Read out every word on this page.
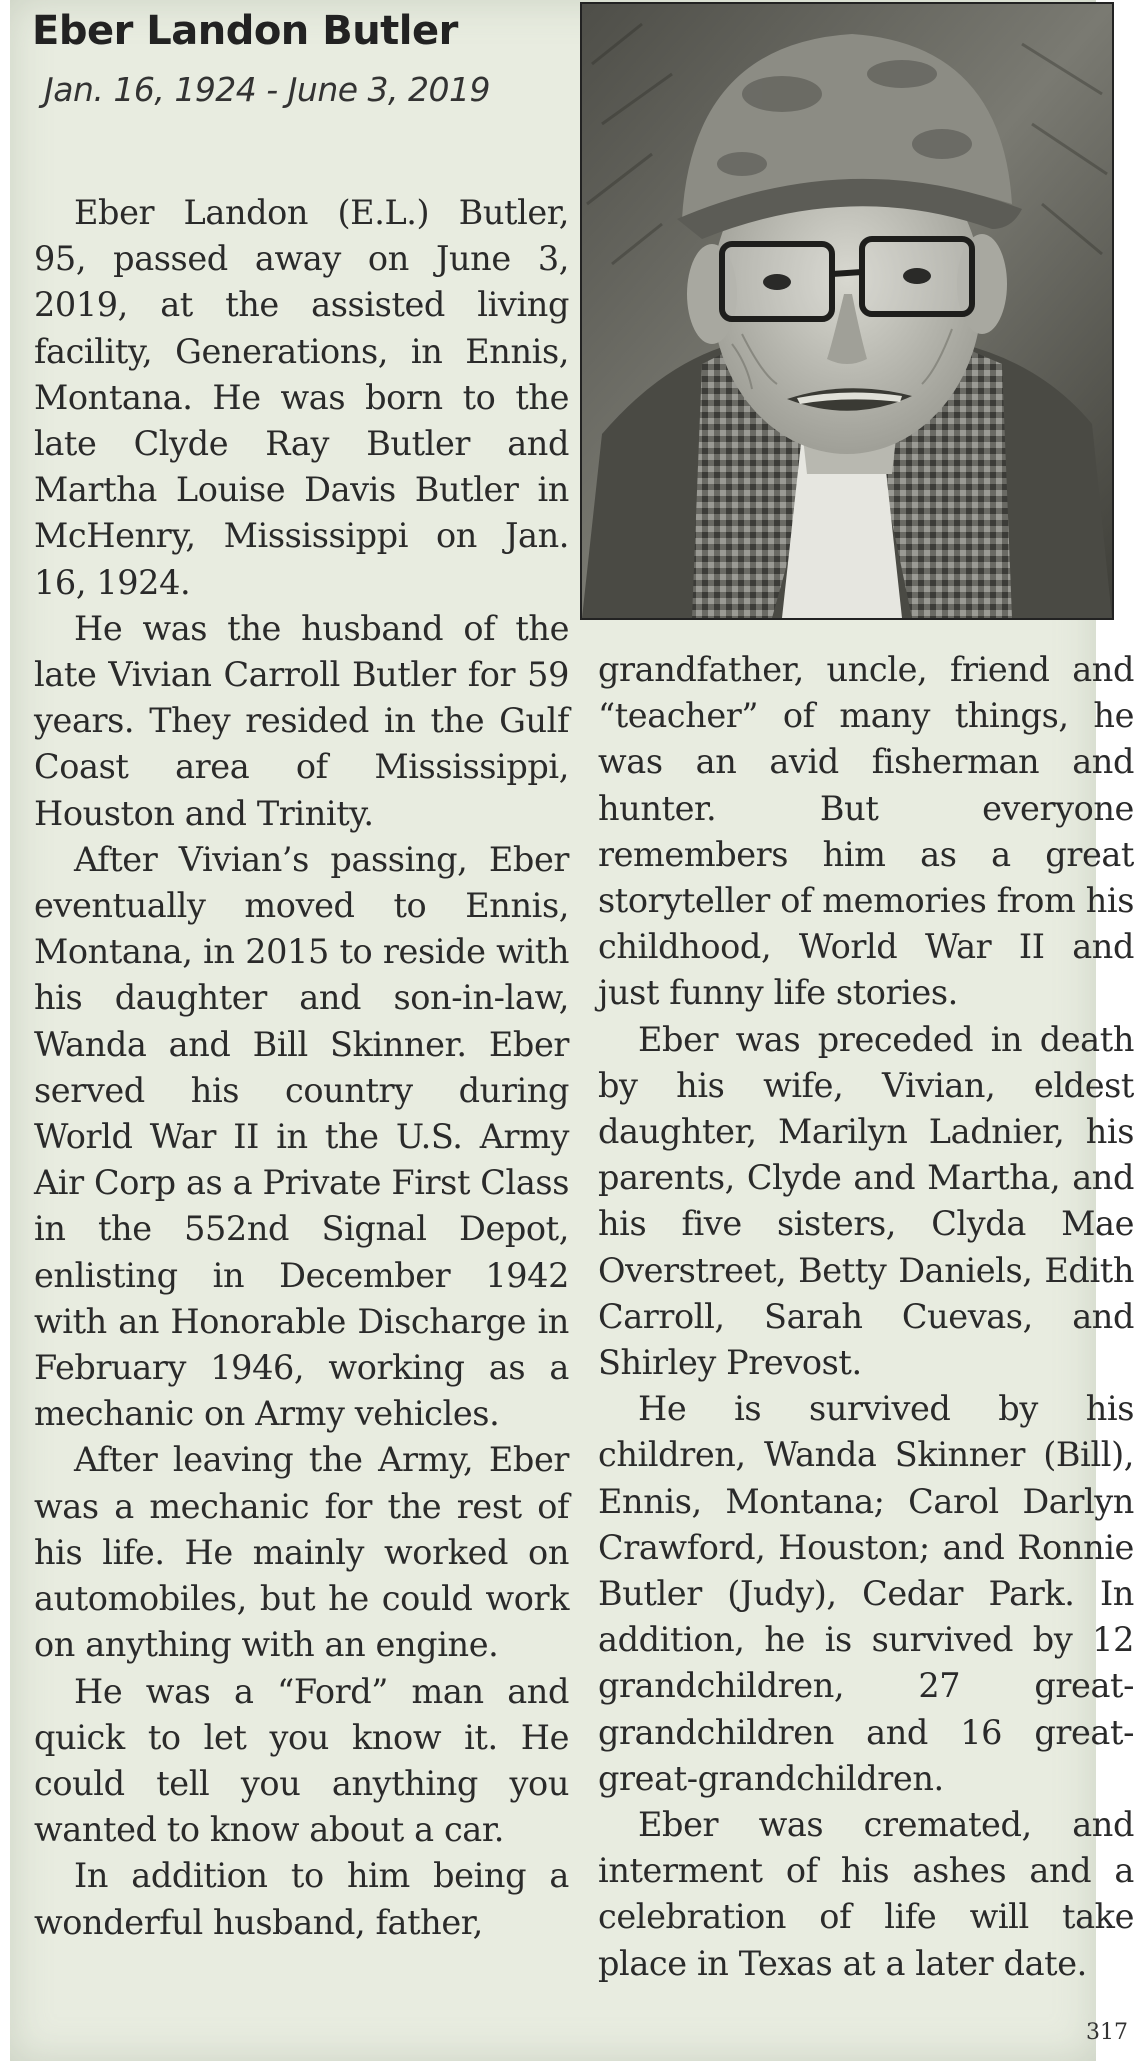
Eber Landon Butler
Jan. 16, 1924 - June 3, 2019

Eber Landon (E.L.) Butler, 95, passed away on June 3, 2019, at the assisted living facility, Generations, in Ennis, Montana. He was born to the late Clyde Ray Butler and Martha Louise Davis Butler in McHenry, Mississippi on Jan. 16, 1924.

He was the husband of the late Vivian Carroll Butler for 59 years. They resided in the Gulf Coast area of Mississippi, Houston and Trinity.

After Vivian’s passing, Eber eventually moved to Ennis, Montana, in 2015 to reside with his daughter and son-in-law, Wanda and Bill Skinner. Eber served his country during World War II in the U.S. Army Air Corp as a Private First Class in the 552nd Signal Depot, enlisting in December 1942 with an Honorable Discharge in February 1946, working as a mechanic on Army vehicles.

After leaving the Army, Eber was a mechanic for the rest of his life. He mainly worked on automobiles, but he could work on anything with an engine.

He was a “Ford” man and quick to let you know it. He could tell you anything you wanted to know about a car.

In addition to him being a wonderful husband, father,

grandfather, uncle, friend and “teacher” of many things, he was an avid fisherman and hunter. But everyone remembers him as a great storyteller of memories from his childhood, World War II and just funny life stories.

Eber was preceded in death by his wife, Vivian, eldest daughter, Marilyn Ladnier, his parents, Clyde and Martha, and his five sisters, Clyda Mae Overstreet, Betty Daniels, Edith Carroll, Sarah Cuevas, and Shirley Prevost.

He is survived by his children, Wanda Skinner (Bill), Ennis, Montana; Carol Darlyn Crawford, Houston; and Ronnie Butler (Judy), Cedar Park. In addition, he is survived by 12 grandchildren, 27 great-grandchildren and 16 great-great-grandchildren.

Eber was cremated, and interment of his ashes and a celebration of life will take place in Texas at a later date.

317
